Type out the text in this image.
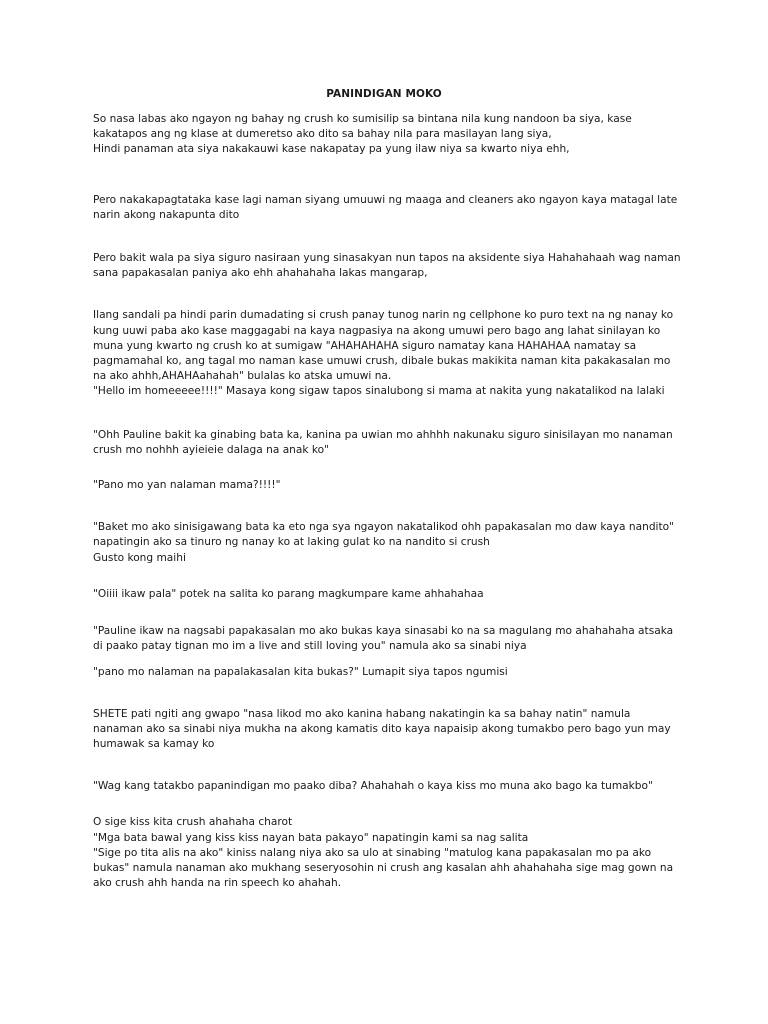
PANINDIGAN MOKO

So nasa labas ako ngayon ng bahay ng crush ko sumisilip sa bintana nila kung nandoon ba siya, kase kakatapos ang ng klase at dumeretso ako dito sa bahay nila para masilayan lang siya,
Hindi panaman ata siya nakakauwi kase nakapatay pa yung ilaw niya sa kwarto niya ehh,

Pero nakakapagtataka kase lagi naman siyang umuuwi ng maaga and cleaners ako ngayon kaya matagal late narin akong nakapunta dito

Pero bakit wala pa siya siguro nasiraan yung sinasakyan nun tapos na aksidente siya Hahahahaah wag naman sana papakasalan paniya ako ehh ahahahaha lakas mangarap,

Ilang sandali pa hindi parin dumadating si crush panay tunog narin ng cellphone ko puro text na ng nanay ko kung uuwi paba ako kase maggagabi na kaya nagpasiya na akong umuwi pero bago ang lahat sinilayan ko muna yung kwarto ng crush ko at sumigaw "AHAHAHAHA siguro namatay kana HAHAHAA namatay sa pagmamahal ko, ang tagal mo naman kase umuwi crush, dibale bukas makikita naman kita pakakasalan mo na ako ahhh,AHAHAahahah" bulalas ko atska umuwi na.
"Hello im homeeeee!!!!" Masaya kong sigaw tapos sinalubong si mama at nakita yung nakatalikod na lalaki

"Ohh Pauline bakit ka ginabing bata ka, kanina pa uwian mo ahhhh nakunaku siguro sinisilayan mo nanaman crush mo nohhh ayieieie dalaga na anak ko"

"Pano mo yan nalaman mama?!!!!"

"Baket mo ako sinisigawang bata ka eto nga sya ngayon nakatalikod ohh papakasalan mo daw kaya nandito" napatingin ako sa tinuro ng nanay ko at laking gulat ko na nandito si crush
Gusto kong maihi

"Oiiii ikaw pala" potek na salita ko parang magkumpare kame ahhahahaa

"Pauline ikaw na nagsabi papakasalan mo ako bukas kaya sinasabi ko na sa magulang mo ahahahaha atsaka di paako patay tignan mo im a live and still loving you" namula ako sa sinabi niya

"pano mo nalaman na papalakasalan kita bukas?" Lumapit siya tapos ngumisi

SHETE pati ngiti ang gwapo "nasa likod mo ako kanina habang nakatingin ka sa bahay natin" namula nanaman ako sa sinabi niya mukha na akong kamatis dito kaya napaisip akong tumakbo pero bago yun may humawak sa kamay ko

"Wag kang tatakbo papanindigan mo paako diba? Ahahahah o kaya kiss mo muna ako bago ka tumakbo"

O sige kiss kita crush ahahaha charot
"Mga bata bawal yang kiss kiss nayan bata pakayo" napatingin kami sa nag salita
"Sige po tita alis na ako" kiniss nalang niya ako sa ulo at sinabing "matulog kana papakasalan mo pa ako bukas" namula nanaman ako mukhang seseryosohin ni crush ang kasalan ahh ahahahaha sige mag gown na ako crush ahh handa na rin speech ko ahahah.
